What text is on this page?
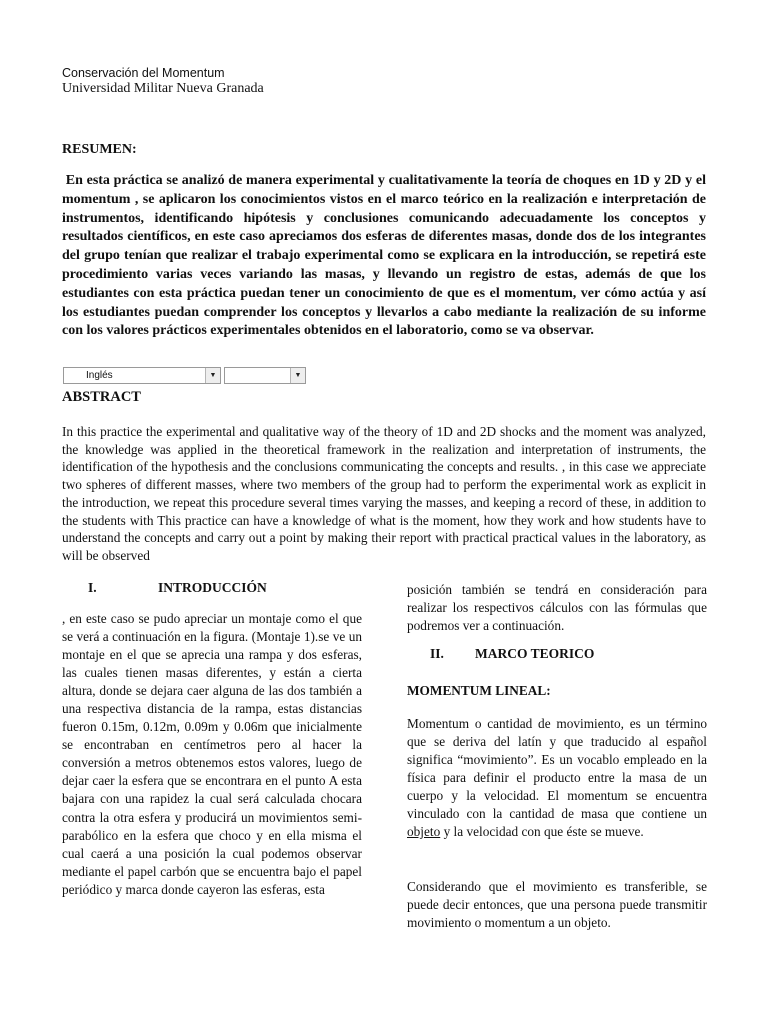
Conservación del Momentum
Universidad Militar Nueva Granada
RESUMEN:

En esta práctica se analizó de manera experimental y cualitativamente la teoría de choques en 1D y 2D y el momentum , se aplicaron los conocimientos vistos en el marco teórico en la realización e interpretación de instrumentos, identificando hipótesis y conclusiones comunicando adecuadamente los conceptos y resultados científicos, en este caso apreciamos dos esferas de diferentes masas, donde dos de los integrantes del grupo tenían que realizar el trabajo experimental como se explicara en la introducción, se repetirá este procedimiento varias veces variando las masas, y llevando un registro de estas, además de que los estudiantes con esta práctica puedan tener un conocimiento de que es el momentum, ver cómo actúa y así los estudiantes puedan comprender los conceptos y llevarlos a cabo mediante la realización de su informe con los valores prácticos experimentales obtenidos en el laboratorio, como se va observar.

Inglés	▼	▼
ABSTRACT

In this practice the experimental and qualitative way of the theory of 1D and 2D shocks and the moment was analyzed, the knowledge was applied in the theoretical framework in the realization and interpretation of instruments, the identification of the hypothesis and the conclusions communicating the concepts and results. , in this case we appreciate two spheres of different masses, where two members of the group had to perform the experimental work as explicit in the introduction, we repeat this procedure several times varying the masses, and keeping a record of these, in addition to the students with This practice can have a knowledge of what is the moment, how they work and how students have to understand the concepts and carry out a point by making their report with practical practical values in the laboratory, as will be observed

I.	INTRODUCCIÓN

, en este caso se pudo apreciar un montaje como el que se verá a continuación en la figura. (Montaje 1).se ve un montaje en el que se aprecia una rampa y dos esferas, las cuales tienen masas diferentes, y están a cierta altura, donde se dejara caer alguna de las dos también a una respectiva distancia de la rampa, estas distancias fueron 0.15m, 0.12m, 0.09m y 0.06m que inicialmente se encontraban en centímetros pero al hacer la conversión a metros obtenemos estos valores, luego de dejar caer la esfera que se encontrara en el punto A esta bajara con una rapidez la cual será calculada chocara contra la otra esfera y producirá un movimientos semi-parabólico en la esfera que choco y en ella misma el cual caerá a una posición la cual podemos observar mediante el papel carbón que se encuentra bajo el papel periódico y marca donde cayeron las esferas, esta

posición también se tendrá en consideración para realizar los respectivos cálculos con las fórmulas que podremos ver a continuación.

II.	MARCO TEORICO
MOMENTUM LINEAL:

Momentum o cantidad de movimiento, es un término que se deriva del latín y que traducido al español significa “movimiento”. Es un vocablo empleado en la física para definir el producto entre la masa de un cuerpo y la velocidad. El momentum se encuentra vinculado con la cantidad de masa que contiene un objeto y la velocidad con que éste se mueve.

Considerando que el movimiento es transferible, se puede decir entonces, que una persona puede transmitir movimiento o momentum a un objeto.
